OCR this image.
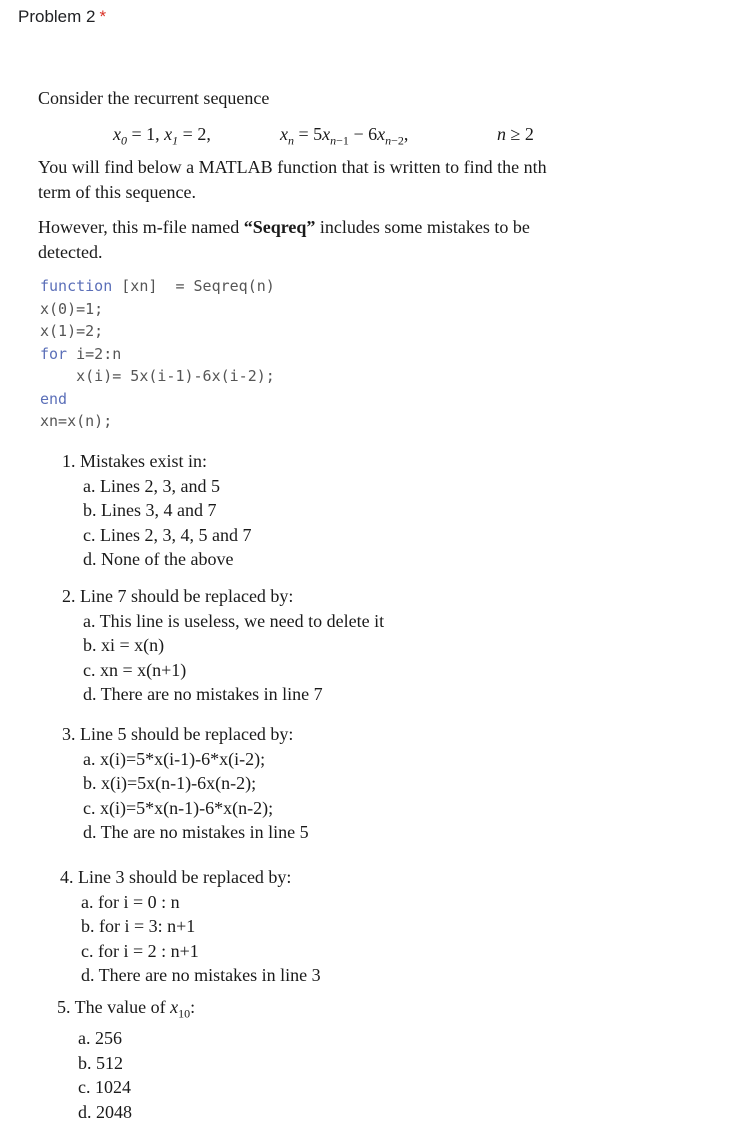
Problem 2 *
Consider the recurrent sequence
$x_0 = 1$, $x_1 = 2$,	$x_n = 5x_{n-1} - 6x_{n-2}$,	n ≥ 2
You will find below a MATLAB function that is written to find the nth
term of this sequence.
However, this m-file named “Seqreq” includes some mistakes to be
detected.
function [xn]  = Seqreq(n)
x(0)=1;
x(1)=2;
for i=2:n
x(i)= 5x(i-1)-6x(i-2);
end
xn=x(n);
1. Mistakes exist in:
a. Lines 2, 3, and 5
b. Lines 3, 4 and 7
c. Lines 2, 3, 4, 5 and 7
d. None of the above
2. Line 7 should be replaced by:
a. This line is useless, we need to delete it
b. xi = x(n)
c. xn = x(n+1)
d. There are no mistakes in line 7
3. Line 5 should be replaced by:
a. x(i)=5*x(i-1)-6*x(i-2);
b. x(i)=5x(n-1)-6x(n-2);
c. x(i)=5*x(n-1)-6*x(n-2);
d. The are no mistakes in line 5
4. Line 3 should be replaced by:
a. for i = 0 : n
b. for i = 3: n+1
c. for i = 2 : n+1
d. There are no mistakes in line 3
5. The value of $x_{10}$:
a. 256
b. 512
c. 1024
d. 2048
